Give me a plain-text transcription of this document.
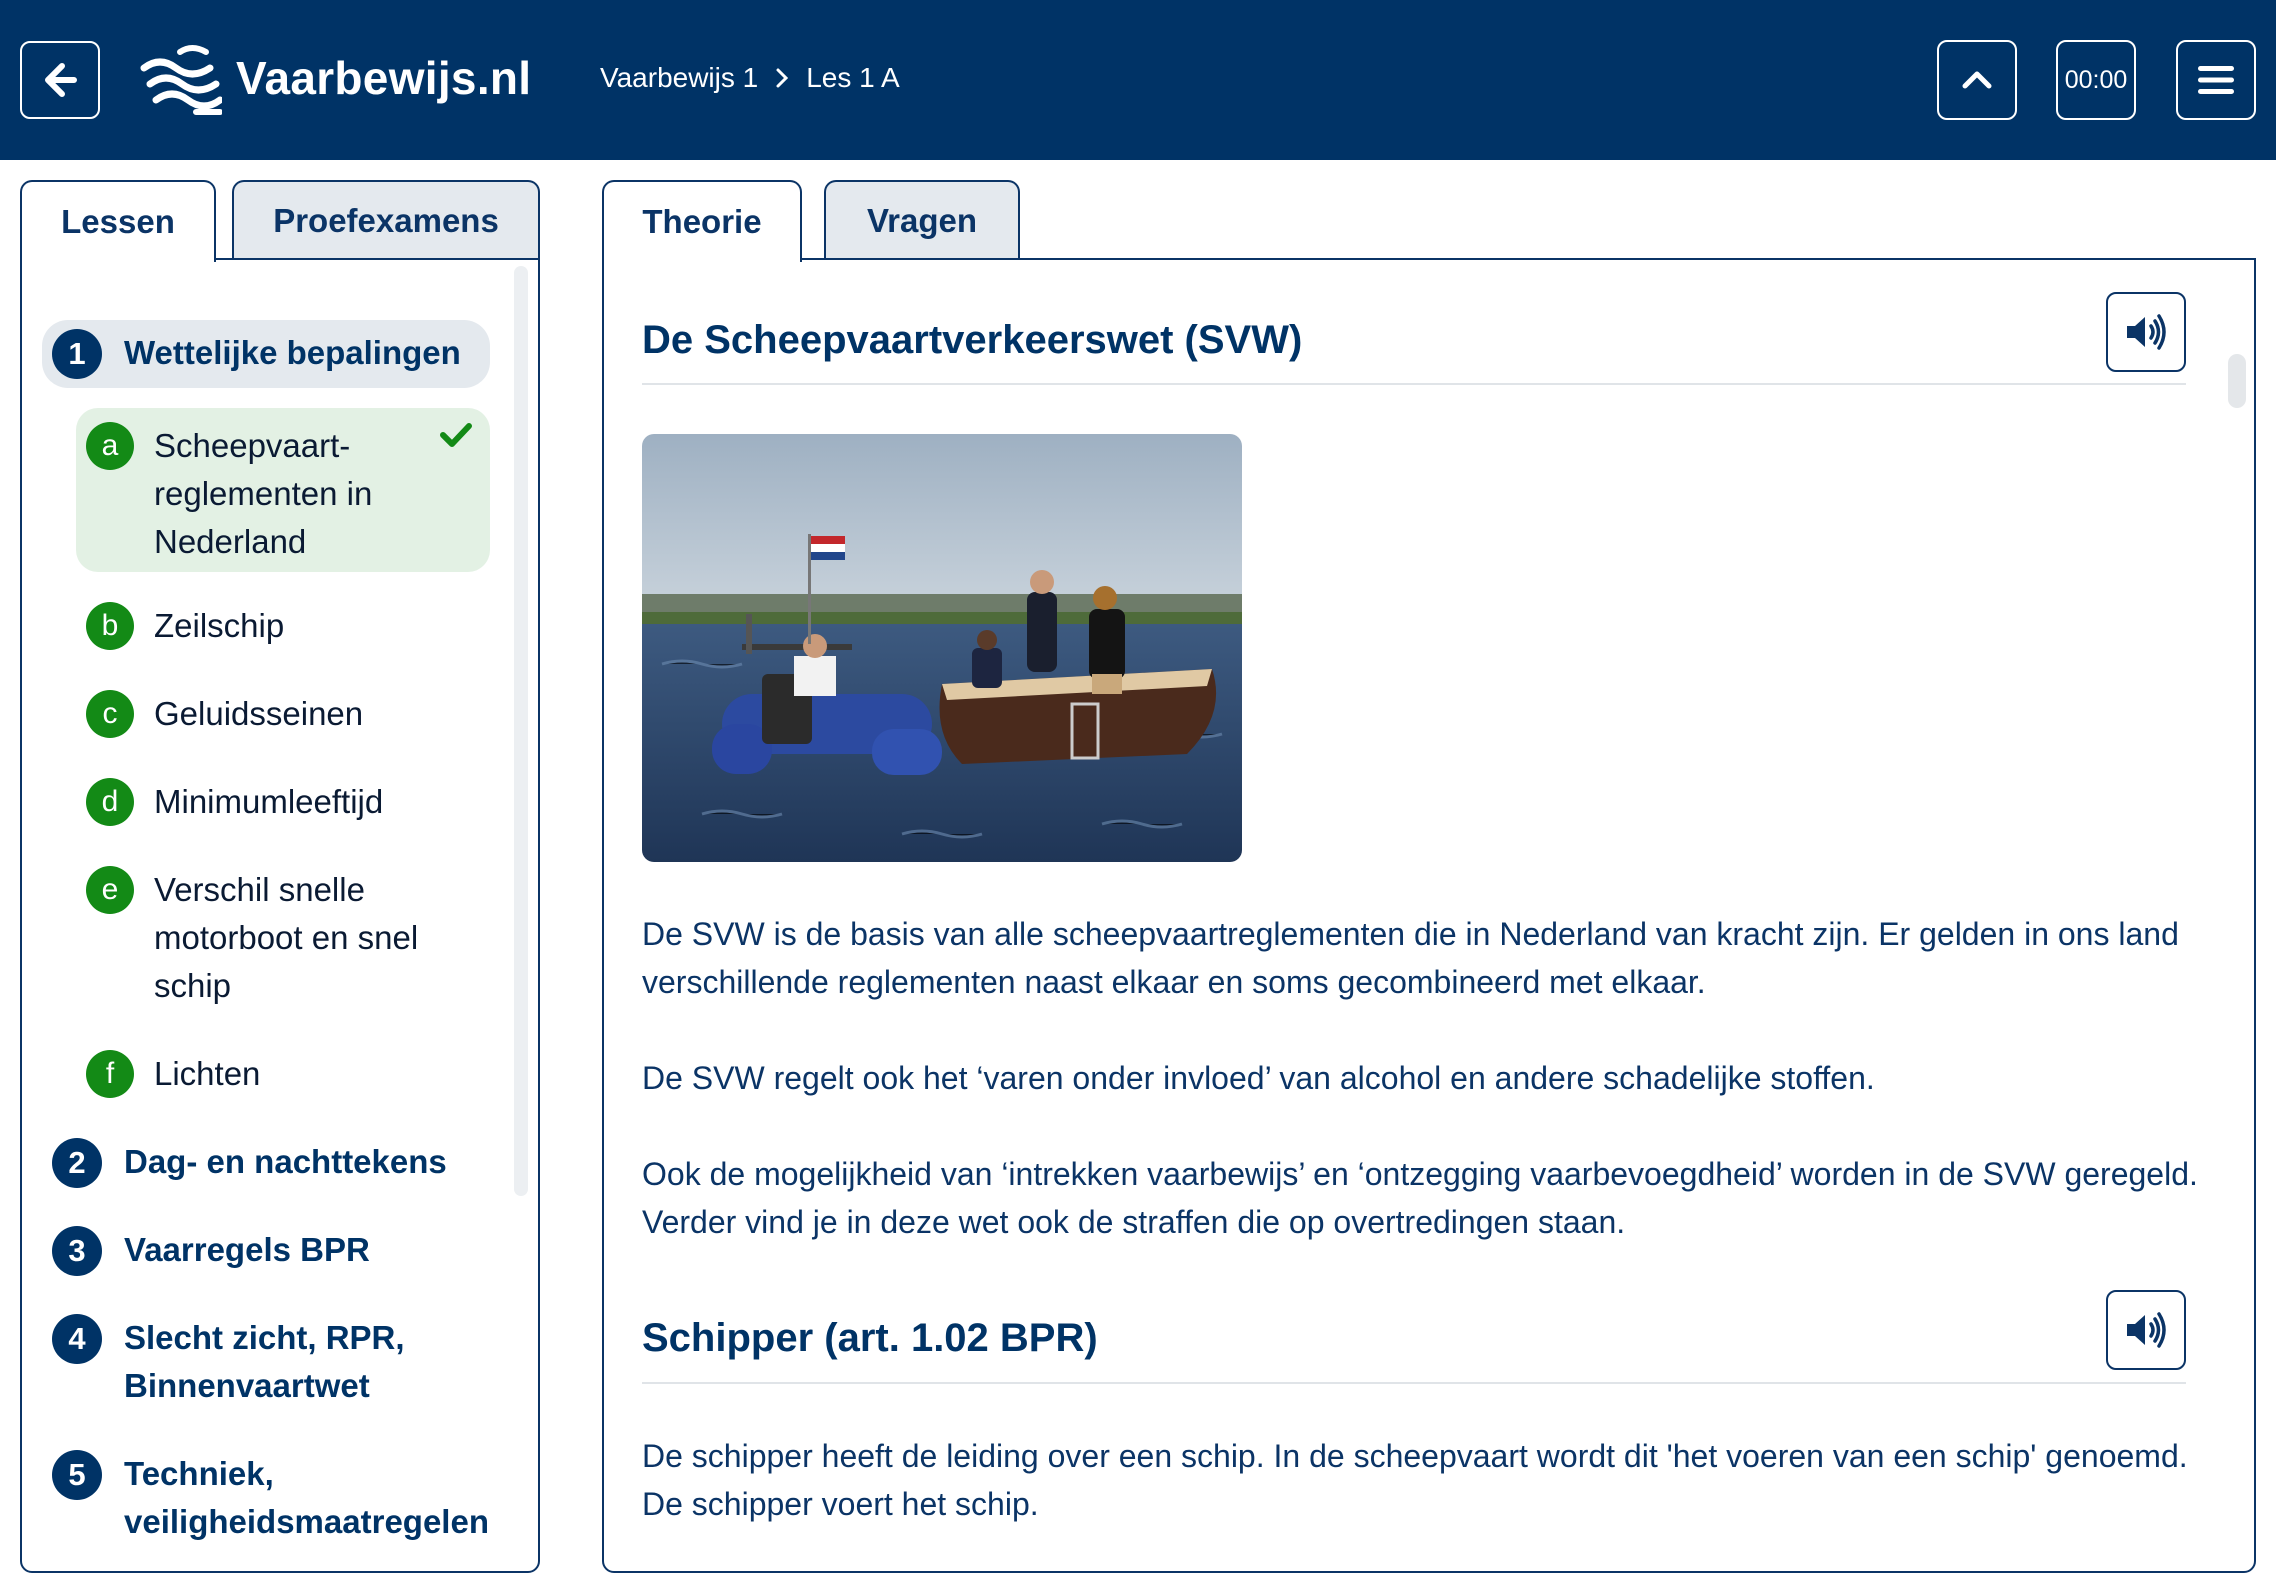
Vaarbewijs.nl Vaarbewijs 1 Les 1 A	00:00
Lessen	Proefexamens	Theorie	Vragen
1	Wettelijke bepalingen
a	Scheepvaart-reglementen in Nederland
b	Zeilschip
c	Geluidsseinen
d	Minimumleeftijd
e	Verschil snelle motorboot en snel schip
f	Lichten
2	Dag- en nachttekens
3	Vaarregels BPR
4	Slecht zicht, RPR, Binnenvaartwet
5	Techniek, veiligheidsmaatregelen
De Scheepvaartverkeerswet (SVW)
De SVW is de basis van alle scheepvaartreglementen die in Nederland van kracht zijn. Er gelden in ons land verschillende reglementen naast elkaar en soms gecombineerd met elkaar.
De SVW regelt ook het ‘varen onder invloed’ van alcohol en andere schadelijke stoffen.
Ook de mogelijkheid van ‘intrekken vaarbewijs’ en ‘ontzegging vaarbevoegdheid’ worden in de SVW geregeld. Verder vind je in deze wet ook de straffen die op overtredingen staan.
Schipper (art. 1.02 BPR)
De schipper heeft de leiding over een schip. In de scheepvaart wordt dit 'het voeren van een schip' genoemd. De schipper voert het schip.
